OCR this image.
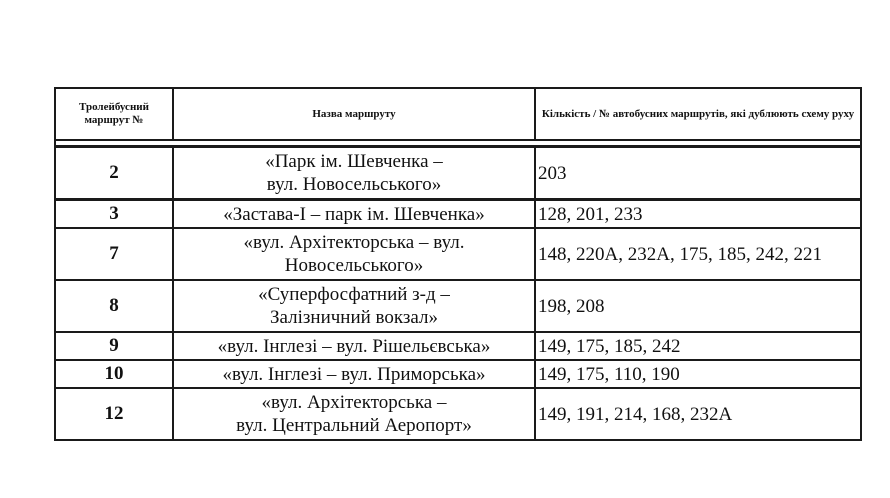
Тролейбусний маршрут №	Назва маршруту	Кількість / № автобусних маршрутів, які дублюють схему руху

2	«Парк ім. Шевченка –
вул. Новосельського»	203
3	«Застава-І – парк ім. Шевченка»	128, 201, 233
7	«вул. Архітекторська – вул.
Новосельського»	148, 220А, 232А, 175, 185, 242, 221
8	«Суперфосфатний з-д –
Залізничний вокзал»	198, 208
9	«вул. Інглезі – вул. Рішельєвська»	149, 175, 185, 242
10	«вул. Інглезі – вул. Приморська»	149, 175, 110, 190
12	«вул. Архітекторська –
вул. Центральний Аеропорт»	149, 191, 214, 168, 232А
